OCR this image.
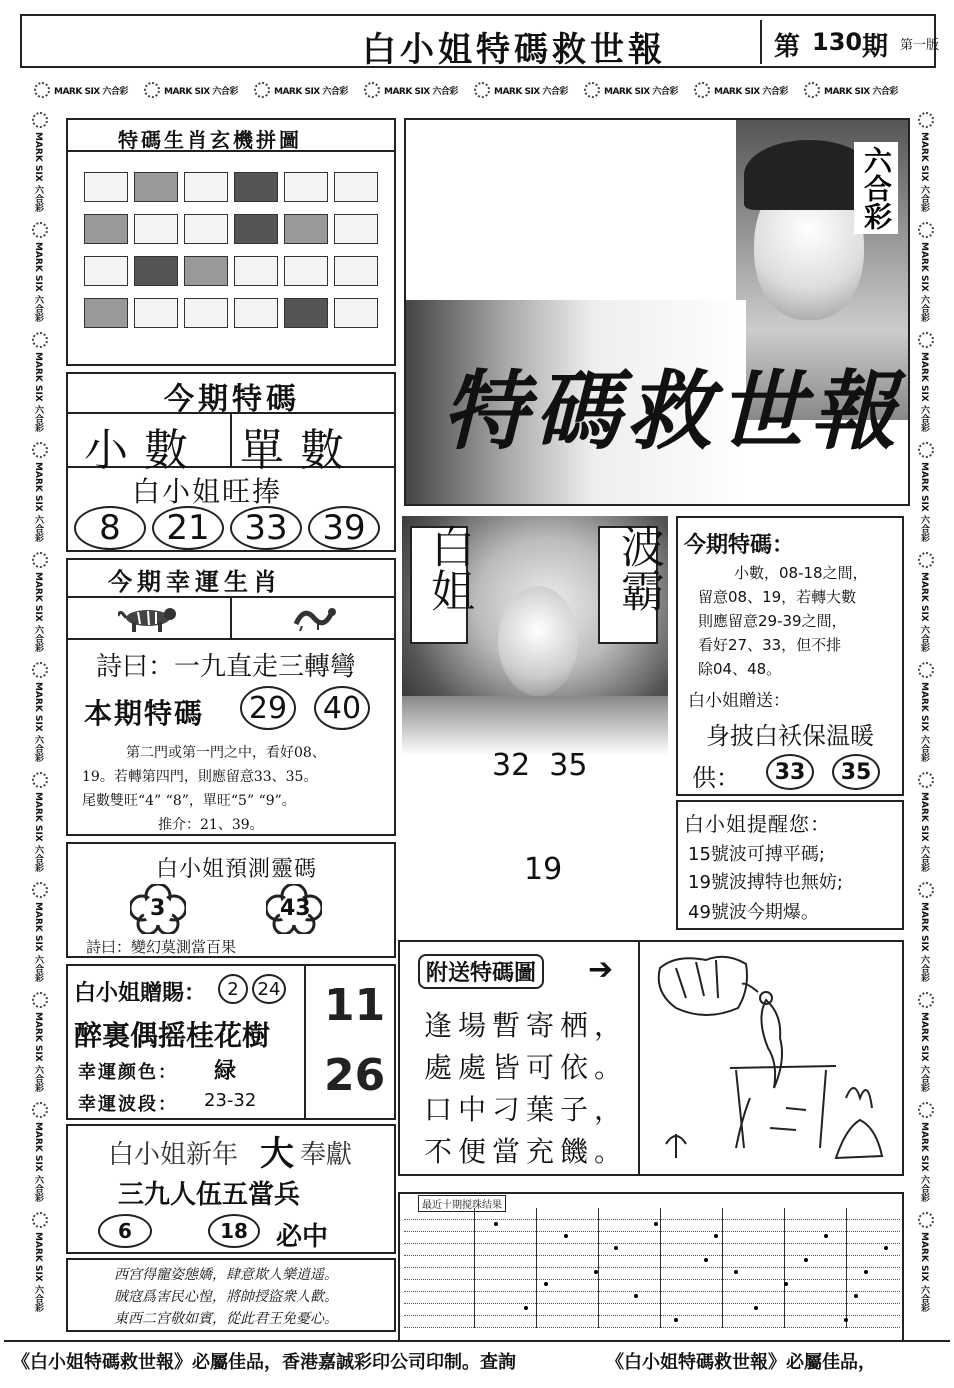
白小姐特碼救世報	第 130 期 第一版
特碼生肖玄機拼圖
六合彩
特碼救世報
今期特碼
小數 單數
白小姐旺捧
8	21	33	39
今期幸運生肖
詩曰：一九直走三轉彎
本期特碼 29 40
第二門或第一門之中，看好08、
19。若轉第四門，則應留意33、35。
尾數雙旺“4” “8”，單旺“5” “9”。
推介：21、39。
白小姐預測靈碼
3	43
詩曰：變幻莫測當百果
白小姐贈賜：	2	24
醉裏偶摇桂花樹
幸運颜色： 緑
幸運波段： 23-32
11
26
白小姐新年 大 奉獻
三九人伍五當兵
6	18	必中
西宫得寵姿態嬌，肆意欺人樂逍遥。
賊寇爲害民心惶，將帥授盜衆人歡。
東西二宫敬如賓，從此君王免憂心。
白姐	波霸
32  35
19
今期特碼：
小數，08-18之間，
留意08、19，若轉大數
則應留意29-39之間，
看好27、33，但不排
除04、48。
白小姐贈送：
身披白袄保温暖
供：	33	35
白小姐提醒您：
15號波可搏平碼;
19號波搏特也無妨;
49號波今期爆。
附送特碼圖 ➔
逢場暫寄栖，
處處皆可依。
口中刁葉子，
不便當充饑。
最近十期搅珠结果
《白小姐特碼救世報》必屬佳品，香港嘉誠彩印公司印制。查詢	《白小姐特碼救世報》必屬佳品，
MARK SIX 六合彩	MARK SIX 六合彩	MARK SIX 六合彩	MARK SIX 六合彩	MARK SIX 六合彩	MARK SIX 六合彩	MARK SIX 六合彩	MARK SIX 六合彩
MARK SIX 六合彩
MARK SIX 六合彩
MARK SIX 六合彩
MARK SIX 六合彩
MARK SIX 六合彩
MARK SIX 六合彩
MARK SIX 六合彩
MARK SIX 六合彩
MARK SIX 六合彩
MARK SIX 六合彩
MARK SIX 六合彩
MARK SIX 六合彩
MARK SIX 六合彩
MARK SIX 六合彩
MARK SIX 六合彩
MARK SIX 六合彩
MARK SIX 六合彩
MARK SIX 六合彩
MARK SIX 六合彩
MARK SIX 六合彩
MARK SIX 六合彩
MARK SIX 六合彩
